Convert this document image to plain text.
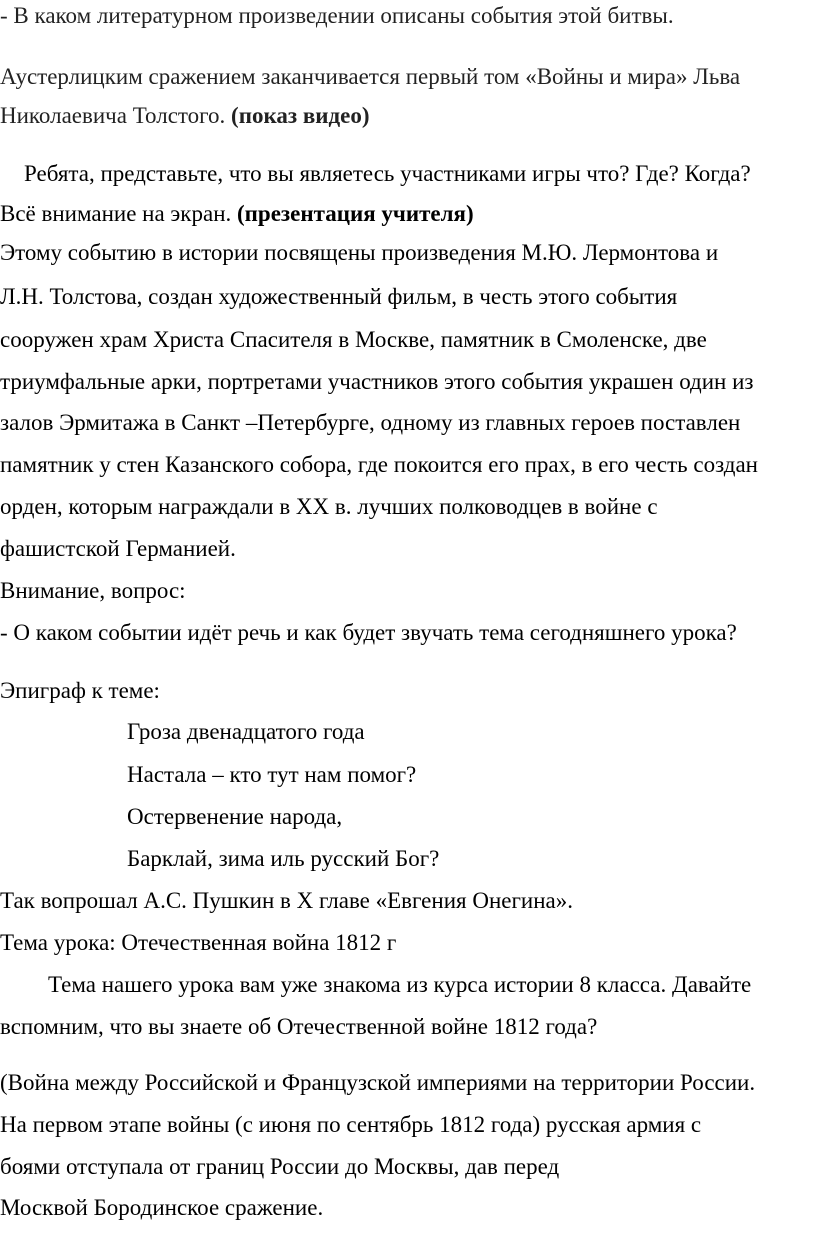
- В каком литературном произведении описаны события этой битвы.
Аустерлицким сражением заканчивается первый том «Войны и мира» Льва
Николаевича Толстого. (показ видео)
Ребята, представьте, что вы являетесь участниками игры что? Где? Когда?
Всё внимание на экран. (презентация учителя)
Этому событию в истории посвящены произведения М.Ю. Лермонтова и
Л.Н. Толстова, создан художественный фильм, в честь этого события
сооружен храм Христа Спасителя в Москве, памятник в Смоленске, две
триумфальные арки, портретами участников этого события украшен один из
залов Эрмитажа в Санкт –Петербурге, одному из главных героев поставлен
памятник у стен Казанского собора, где покоится его прах, в его честь создан
орден, которым награждали в ХХ в. лучших полководцев в войне с
фашистской Германией.
Внимание, вопрос:
- О каком событии идёт речь и как будет звучать тема сегодняшнего урока?
Эпиграф к теме:
Гроза двенадцатого года
Настала – кто тут нам помог?
Остервенение народа,
Барклай, зима иль русский Бог?
Так вопрошал А.С. Пушкин в Х главе «Евгения Онегина».
Тема урока: Отечественная война 1812 г
Тема нашего урока вам уже знакома из курса истории 8 класса. Давайте
вспомним, что вы знаете об Отечественной войне 1812 года?
(Война между Российской и Французской империями на территории России.
На первом этапе войны (с июня по сентябрь 1812 года) русская армия с
боями отступала от границ России до Москвы, дав перед
Москвой Бородинское сражение.
